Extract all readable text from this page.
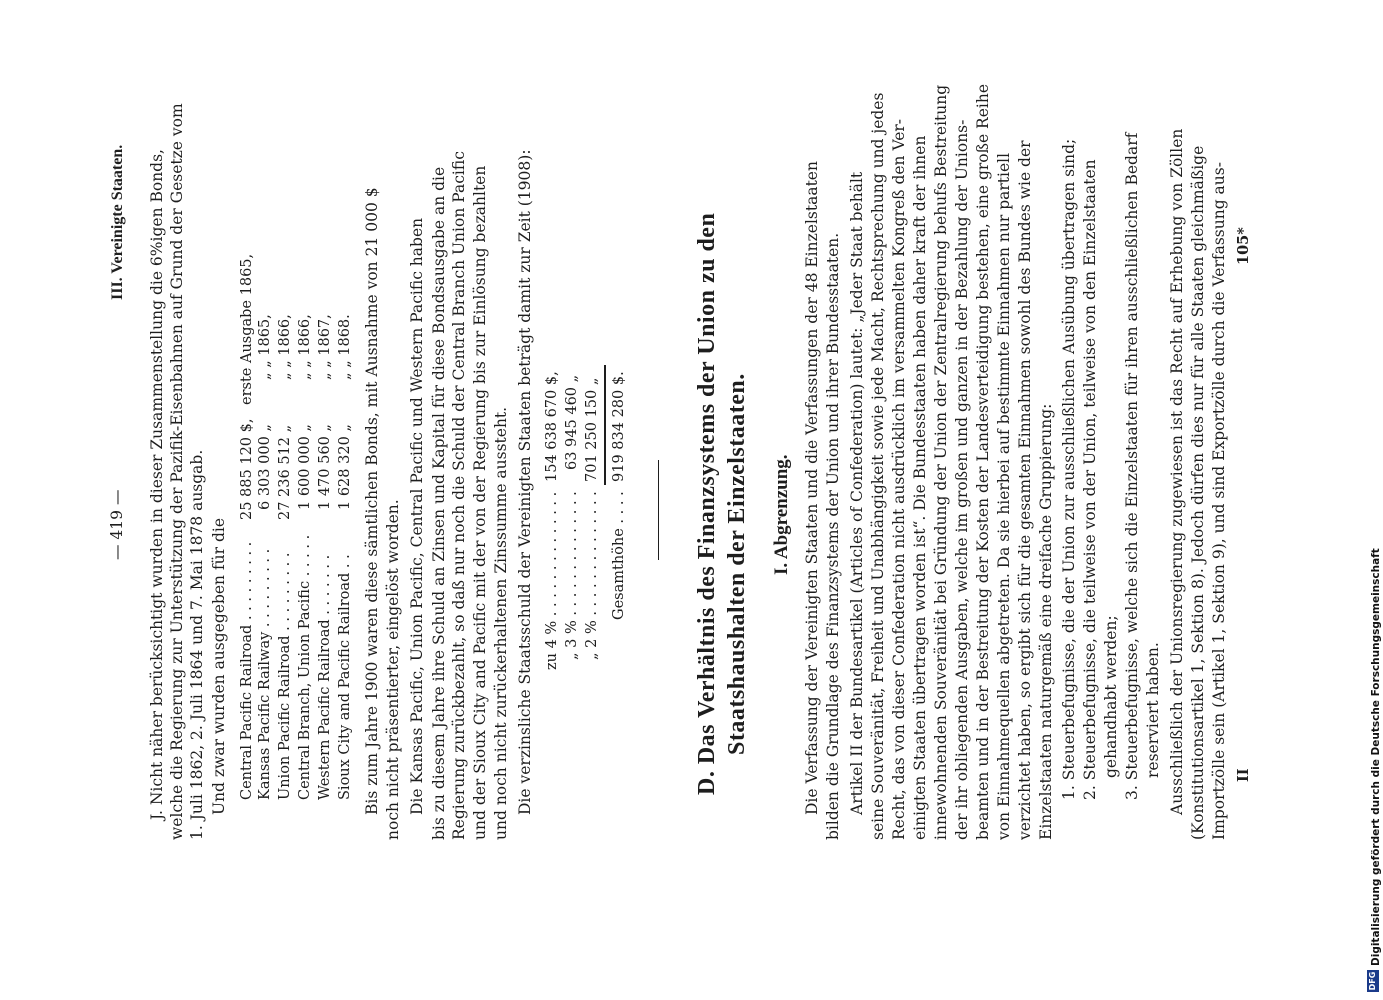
— 419 —
III. Vereinigte Staaten. J. Nicht näher berücksichtigt wurden in dieser Zusammenstellung die 6%igen Bonds, welche die Regierung zur Unterstützung der Pazifik-Eisenbahnen auf Grund der Gesetze vom 1. Juli 1862, 2. Juli 1864 und 7. Mai 1878 ausgab. Und zwar wurden ausgegeben für die Central Pacific Railroad . . . . . . . . .
25 885 120 $,
erste Ausgabe 1865,
Kansas Pacific Railway . . . . . . . . .
6 303 000 „
„ „ 1865,
Union Pacific Railroad . . . . . . . . .
27 236 512 „
„ „ 1866,
Central Branch, Union Pacific . . . . .
1 600 000 „
„ „ 1866,
Western Pacific Railroad . . . . . . .
1 470 560 „
„ „ 1867,
Sioux City and Pacific Railroad . .
1 628 320 „
„ „ 1868. Bis zum Jahre 1900 waren diese sämtlichen Bonds, mit Ausnahme von 21 000 $ noch nicht präsentierter, eingelöst worden. Die Kansas Pacific, Union Pacific, Central Pacific und Western Pacific haben bis zu diesem Jahre ihre Schuld an Zinsen und Kapital für diese Bondsausgabe an die Regierung zurückbezahlt, so daß nur noch die Schuld der Central Branch Union Pacific und der Sioux City and Pacific mit der von der Regierung bis zur Einlösung bezahlten und noch nicht zurückerhaltenen Zinssumme aussteht. Die verzinsliche Staatsschuld der Vereinigten Staaten beträgt damit zur Zeit (1908): zu 4 % . . . . . . . . . . . . . .
154 638 670 $,
„ 3 % . . . . . . . . . . . . . .
63 945 460 „
„ 2 % . . . . . . . . . . . . . .
701 250 150 „
Gesamthöhe . . . .
919 834 280 $.	D. Das Verhältnis des Finanzsystems der Union zu den Staatshaushalten der Einzelstaaten. I. Abgrenzung. Die Verfassung der Vereinigten Staaten und die Verfassungen der 48 Einzelstaaten bilden die Grundlage des Finanzsystems der Union und ihrer Bundesstaaten. Artikel II der Bundesartikel (Articles of Confederation) lautet: „Jeder Staat behält seine Souveränität, Freiheit und Unabhängigkeit sowie jede Macht, Rechtsprechung und jedes Recht, das von dieser Confederation nicht ausdrücklich im versammelten Kongreß den Ver- einigten Staaten übertragen worden ist“. Die Bundesstaaten haben daher kraft der ihnen innewohnenden Souveränität bei Gründung der Union der Zentralregierung behufs Bestreitung der ihr obliegenden Ausgaben, welche im großen und ganzen in der Bezahlung der Unions- beamten und in der Bestreitung der Kosten der Landesverteidigung bestehen, eine große Reihe von Einnahmequellen abgetreten. Da sie hierbei auf bestimmte Einnahmen nur partiell verzichtet haben, so ergibt sich für die gesamten Einnahmen sowohl des Bundes wie der Einzelstaaten naturgemäß eine dreifache Gruppierung: 1. Steuerbefugnisse, die der Union zur ausschließlichen Ausübung übertragen sind; 2. Steuerbefugnisse, die teilweise von der Union, teilweise von den Einzelstaaten gehandhabt werden; 3. Steuerbefugnisse, welche sich die Einzelstaaten für ihren ausschließlichen Bedarf reserviert haben. Ausschließlich der Unionsregierung zugewiesen ist das Recht auf Erhebung von Zöllen (Konstitutionsartikel 1, Sektion 8). Jedoch dürfen dies nur für alle Staaten gleichmäßige Importzölle sein (Artikel 1, Sektion 9), und sind Exportzölle durch die Verfassung aus- II
105*
DFG
Digitalisierung gefördert durch die Deutsche Forschungsgemeinschaft
